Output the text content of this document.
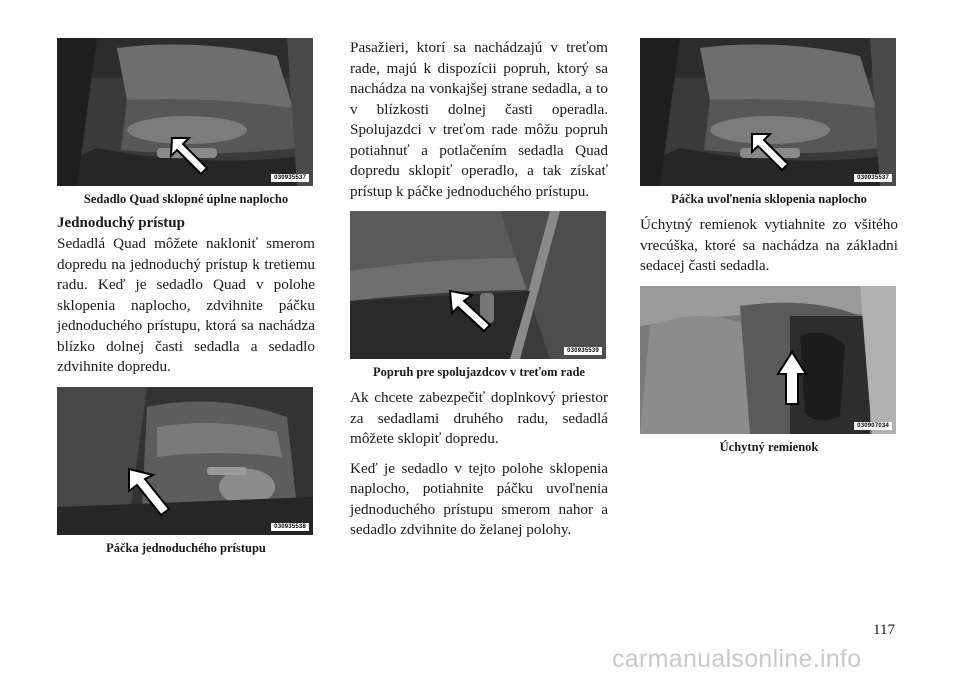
030935537
Sedadlo Quad sklopné úplne naplocho
Jednoduchý prístup

Sedadlá Quad môžete nakloniť smerom dopredu na jednoduchý prístup k tretiemu radu. Keď je sedadlo Quad v polohe sklopenia naplocho, zdvihnite páčku jednoduchého prístupu, ktorá sa nachádza blízko dolnej časti sedadla a sedadlo zdvihnite dopredu.

030935538
Páčka jednoduchého prístupu

Pasažieri, ktorí sa nachádzajú v treťom rade, majú k dispozícii popruh, ktorý sa nachádza na vonkajšej strane sedadla, a to v blízkosti dolnej časti operadla. Spolujazdci v treťom rade môžu popruh potiahnuť a potlačením sedadla Quad dopredu sklopiť operadlo, a tak získať prístup k páčke jednoduchého prístupu.

030935539
Popruh pre spolujazdcov v treťom rade

Ak chcete zabezpečiť doplnkový priestor za sedadlami druhého radu, sedadlá môžete sklopiť dopredu.

Keď je sedadlo v tejto polohe sklopenia naplocho, potiahnite páčku uvoľnenia jednoduchého prístupu smerom nahor a sedadlo zdvihnite do želanej polohy.

030935537
Páčka uvoľnenia sklopenia naplocho

Úchytný remienok vytiahnite zo všitého vrecúška, ktoré sa nachádza na základni sedacej časti sedadla.

030907034
Úchytný remienok
117
carmanualsonline.info
